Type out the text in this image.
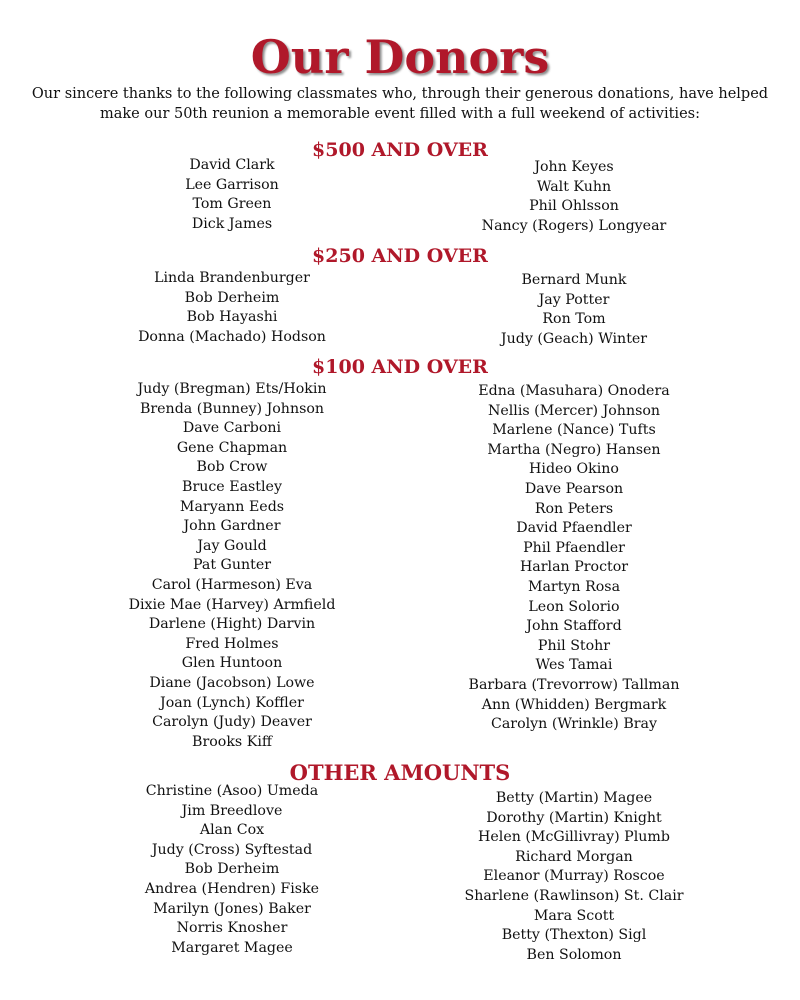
Our Donors

Our sincere thanks to the following classmates who, through their generous donations, have helped make our 50th reunion a memorable event filled with a full weekend of activities:

$500 AND OVER
David Clark
Lee Garrison
Tom Green
Dick James
John Keyes
Walt Kuhn
Phil Ohlsson
Nancy (Rogers) Longyear
$250 AND OVER
Linda Brandenburger
Bob Derheim
Bob Hayashi
Donna (Machado) Hodson
Bernard Munk
Jay Potter
Ron Tom
Judy (Geach) Winter
$100 AND OVER
Judy (Bregman) Ets/Hokin
Brenda (Bunney) Johnson
Dave Carboni
Gene Chapman
Bob Crow
Bruce Eastley
Maryann Eeds
John Gardner
Jay Gould
Pat Gunter
Carol (Harmeson) Eva
Dixie Mae (Harvey) Armfield
Darlene (Hight) Darvin
Fred Holmes
Glen Huntoon
Diane (Jacobson) Lowe
Joan (Lynch) Koffler
Carolyn (Judy) Deaver
Brooks Kiff
Edna (Masuhara) Onodera
Nellis (Mercer) Johnson
Marlene (Nance) Tufts
Martha (Negro) Hansen
Hideo Okino
Dave Pearson
Ron Peters
David Pfaendler
Phil Pfaendler
Harlan Proctor
Martyn Rosa
Leon Solorio
John Stafford
Phil Stohr
Wes Tamai
Barbara (Trevorrow) Tallman
Ann (Whidden) Bergmark
Carolyn (Wrinkle) Bray
OTHER AMOUNTS
Christine (Asoo) Umeda
Jim Breedlove
Alan Cox
Judy (Cross) Syftestad
Bob Derheim
Andrea (Hendren) Fiske
Marilyn (Jones) Baker
Norris Knosher
Margaret Magee
Betty (Martin) Magee
Dorothy (Martin) Knight
Helen (McGillivray) Plumb
Richard Morgan
Eleanor (Murray) Roscoe
Sharlene (Rawlinson) St. Clair
Mara Scott
Betty (Thexton) Sigl
Ben Solomon
